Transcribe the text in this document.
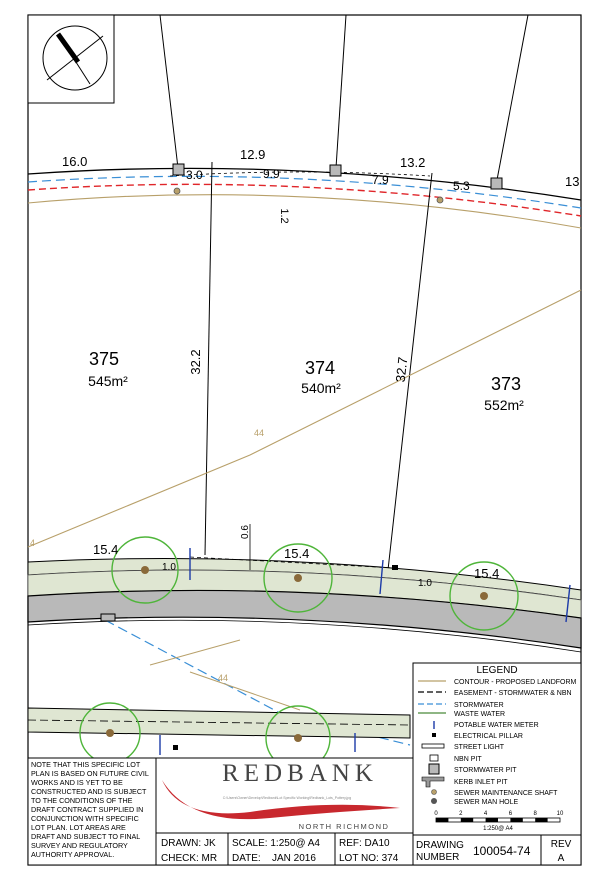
16.0	12.9
13.2
13
3.0	9.9	7.9	5.3
1.2
32.2	32.7
15.4	15.4
15.4
0.6
1.0
1.0
44
44
4
375
545m²
374
540m²	373
552m²
LEGEND
CONTOUR - PROPOSED LANDFORM
EASEMENT - STORMWATER & NBN
STORMWATER
WASTE WATER
POTABLE WATER METER
ELECTRICAL PILLAR
STREET LIGHT
NBN PIT
STORMWATER PIT
KERB INLET PIT
SEWER MAINTENANCE SHAFT
SEWER MAN HOLE
0	2	4	6	8	10
1:250@ A4
NOTE THAT THIS SPECIFIC LOT
PLAN IS BASED ON FUTURE CIVIL
WORKS AND IS YET TO BE
CONSTRUCTED AND IS SUBJECT
TO THE CONDITIONS OF THE
DRAFT CONTRACT SUPPLIED IN
CONJUNCTION WITH SPECIFIC
LOT PLAN. LOT AREAS ARE
DRAFT AND SUBJECT TO FINAL
SURVEY AND REGULATORY
AUTHORITY APPROVAL.
REDBANK
C:\Users\Owner\Develop\Redbank\Lot Specific Working\Redbank_Lots_Pottery.jpg
NORTH RICHMOND
DRAWN: JK
CHECK: MR
SCALE: 1:250@ A4
DATE: JAN 2016
REF: DA10
LOT NO: 374
DRAWING
NUMBER 100054-74 REV
A
